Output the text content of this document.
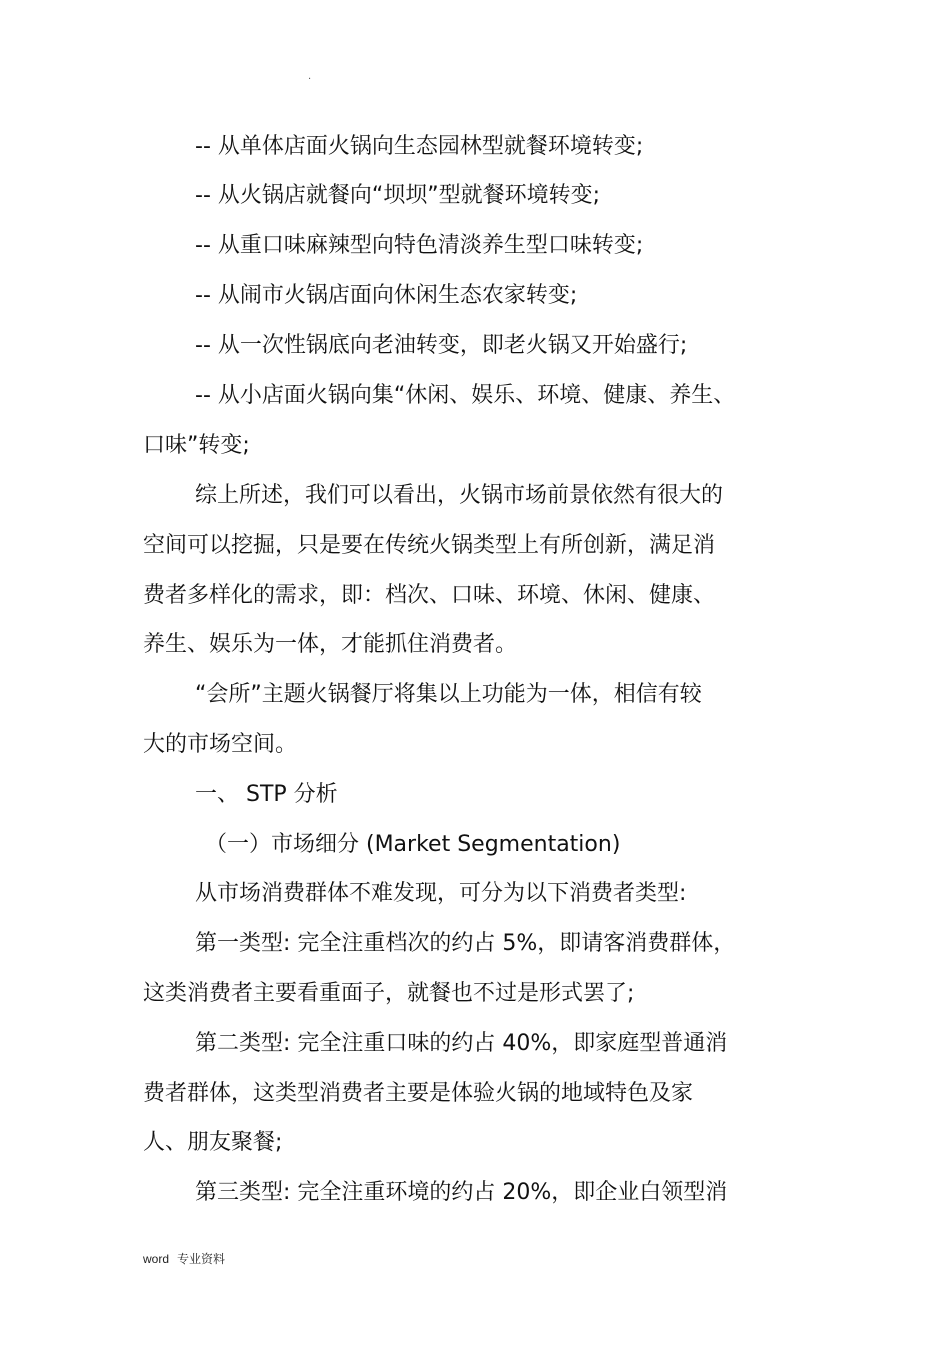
.
-- 从单体店面火锅向生态园林型就餐环境转变;
-- 从火锅店就餐向“坝坝”型就餐环境转变;
-- 从重口味麻辣型向特色清淡养生型口味转变;
-- 从闹市火锅店面向休闲生态农家转变;
-- 从一次性锅底向老油转变，即老火锅又开始盛行;
-- 从小店面火锅向集“休闲、娱乐、环境、健康、养生、
口味”转变;
综上所述，我们可以看出，火锅市场前景依然有很大的
空间可以挖掘，只是要在传统火锅类型上有所创新，满足消
费者多样化的需求，即：档次、口味、环境、休闲、健康、
养生、娱乐为一体，才能抓住消费者。
“会所”主题火锅餐厅将集以上功能为一体，相信有较
大的市场空间。
一、 STP 分析
（一）市场细分 (Market Segmentation)
从市场消费群体不难发现，可分为以下消费者类型:
第一类型: 完全注重档次的约占 5%，即请客消费群体，
这类消费者主要看重面子，就餐也不过是形式罢了;
第二类型: 完全注重口味的约占 40%，即家庭型普通消
费者群体，这类型消费者主要是体验火锅的地域特色及家
人、朋友聚餐;
第三类型: 完全注重环境的约占 20%，即企业白领型消
word 专业资料
